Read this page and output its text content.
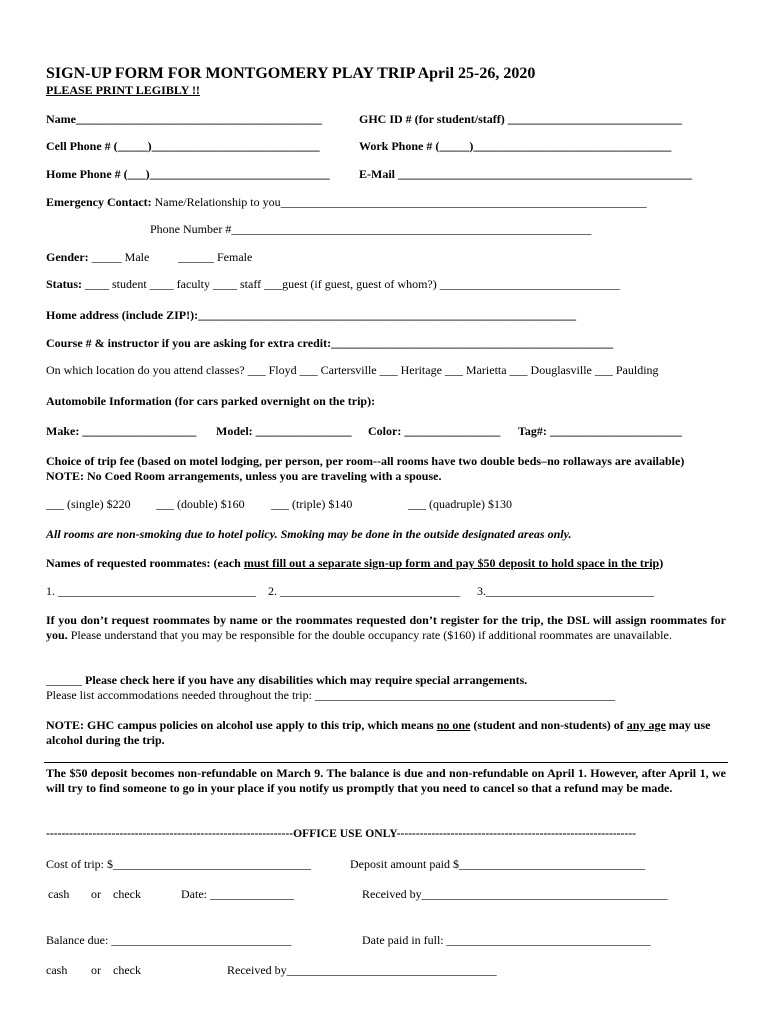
SIGN-UP FORM FOR MONTGOMERY PLAY TRIP April 25-26, 2020
PLEASE PRINT LEGIBLY !!
Name_________________________________________	GHC ID # (for student/staff) _____________________________
Cell Phone # (_____)____________________________	Work Phone # (_____)_________________________________
Home Phone # (___)______________________________ E-Mail _________________________________________________
Emergency Contact: Name/Relationship to you_____________________________________________________________
Phone Number #____________________________________________________________
Gender: _____ Male ______ Female
Status: ____ student ____ faculty ____ staff ___guest (if guest, guest of whom?) ______________________________
Home address (include ZIP!):_______________________________________________________________
Course # & instructor if you are asking for extra credit:_______________________________________________
On which location do you attend classes? ___ Floyd ___ Cartersville ___ Heritage ___ Marietta ___ Douglasville ___ Paulding
Automobile Information (for cars parked overnight on the trip):
Make: ___________________ Model: ________________ Color: ________________ Tag#: ______________________
Choice of trip fee (based on motel lodging, per person, per room--all rooms have two double beds–no rollaways are available)
NOTE: No Coed Room arrangements, unless you are traveling with a spouse.
___ (single) $220 ___ (double) $160 ___ (triple) $140	___ (quadruple) $130
All rooms are non-smoking due to hotel policy. Smoking may be done in the outside designated areas only.
Names of requested roommates: (each must fill out a separate sign-up form and pay $50 deposit to hold space in the trip)
1. _________________________________ 2. ______________________________ 3.____________________________
If you don’t request roommates by name or the roommates requested don’t register for the trip, the DSL will assign roommates for you. Please understand that you may be responsible for the double occupancy rate ($160) if additional roommates are unavailable.
______ Please check here if you have any disabilities which may require special arrangements.
Please list accommodations needed throughout the trip: __________________________________________________
NOTE: GHC campus policies on alcohol use apply to this trip, which means no one (student and non-students) of any age may use alcohol during the trip.
The $50 deposit becomes non-refundable on March 9. The balance is due and non-refundable on April 1. However, after April 1, we will try to find someone to go in your place if you notify us promptly that you need to cancel so that a refund may be made.
----------------------------------------------------------------OFFICE USE ONLY--------------------------------------------------------------
Cost of trip: $_________________________________	Deposit amount paid $_______________________________
cash or check	Date: ______________	Received by_________________________________________
Balance due: ______________________________	Date paid in full: __________________________________
cash or check	Received by___________________________________
